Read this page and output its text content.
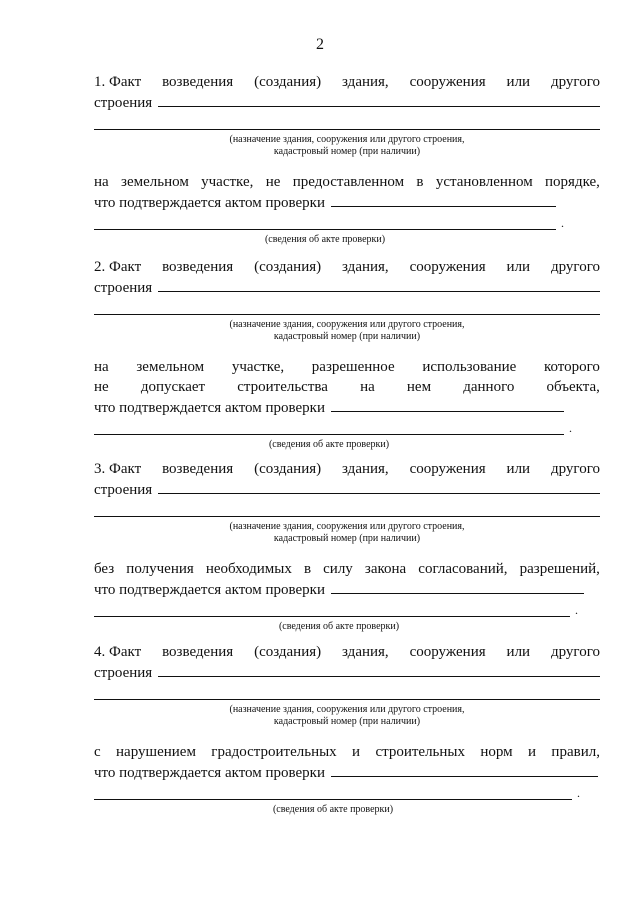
2
1. Факт возведения (создания) здания, сооружения или другого
строения
(назначение здания, сооружения или другого строения,
кадастровый номер (при наличии)
на земельном участке, не предоставленном в установленном порядке,
что подтверждается актом проверки
.
(сведения об акте проверки)
2. Факт возведения (создания) здания, сооружения или другого
строения
(назначение здания, сооружения или другого строения,
кадастровый номер (при наличии)
на земельном участке, разрешенное использование которого
не допускает строительства на нем данного объекта,
что подтверждается актом проверки
.
(сведения об акте проверки)
3. Факт возведения (создания) здания, сооружения или другого
строения
(назначение здания, сооружения или другого строения,
кадастровый номер (при наличии)
без получения необходимых в силу закона согласований, разрешений,
что подтверждается актом проверки
.
(сведения об акте проверки)
4. Факт возведения (создания) здания, сооружения или другого
строения
(назначение здания, сооружения или другого строения,
кадастровый номер (при наличии)
с нарушением градостроительных и строительных норм и правил,
что подтверждается актом проверки
.
(сведения об акте проверки)
